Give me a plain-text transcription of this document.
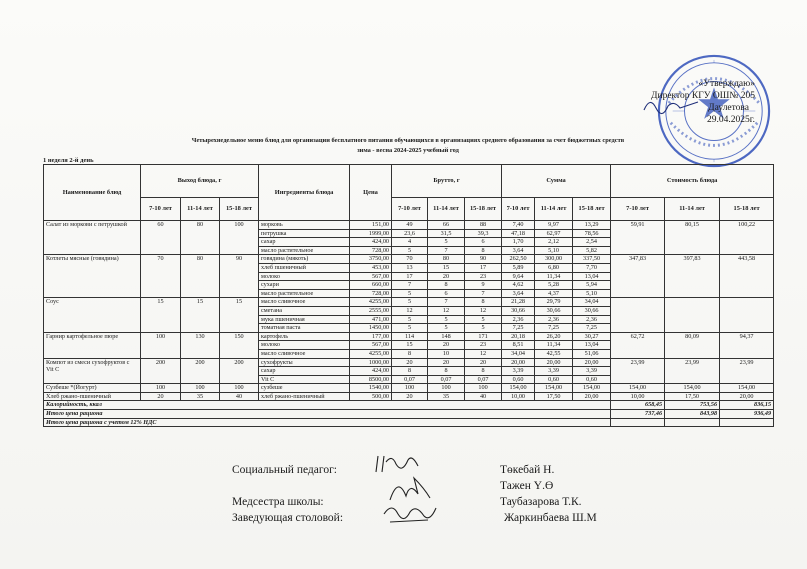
«Утверждаю»
Директор КГУ ОШ№ 205
Даулетова
29.04.2025г.
Четырехнедельное меню блюд для организации бесплатного питания обучающихся в организациях среднего образования за счет бюджетных средств
зима - весна 2024-2025 учебный год
1 неделя 2-й день
Наименование блюд	Выход блюда, г			Ингредиенты блюда	Цена	Брутто, г			Сумма			Стоимость блюда		
	7-10 лет	11-14 лет	15-18 лет			7-10 лет	11-14 лет	15-18 лет	7-10 лет	11-14 лет	15-18 лет	7-10 лет	11-14 лет	15-18 лет
Салат из моркови с петрушкой	60	80	100	морковь	151,00	49	66	88	7,40	9,97	13,29	59,91	80,15	100,22
				петрушка	1999,00	23,6	31,5	39,3	47,18	62,97	78,56			
				сахар	424,00	4	5	6	1,70	2,12	2,54			
				масло растительное	728,00	5	7	8	3,64	5,10	5,82			
Котлеты мясные (говядина)	70	80	90	говядина (мякоть)	3750,00	70	80	90	262,50	300,00	337,50	347,83	397,83	443,58
				хлеб пшеничный	453,00	13	15	17	5,89	6,80	7,70			
				молоко	567,00	17	20	23	9,64	11,34	13,04			
				сухари	660,00	7	8	9	4,62	5,28	5,94			
				масло растительное	728,00	5	6	7	3,64	4,37	5,10			
Соус	15	15	15	масло сливочное	4255,00	5	7	8	21,28	29,79	34,04			
				сметана	2555,00	12	12	12	30,66	30,66	30,66			
				мука пшеничная	471,00	5	5	5	2,36	2,36	2,36			
				томатная паста	1450,00	5	5	5	7,25	7,25	7,25			
Гарнир картофельное пюре	100	130	150	картофель	177,00	114	148	171	20,18	26,20	30,27	62,72	80,09	94,37
				молоко	567,00	15	20	23	8,51	11,34	13,04			
				масло сливочное	4255,00	8	10	12	34,04	42,55	51,06			
Компот из смеси сухофруктов с Vit C	200	200	200	сухофрукты	1000,00	20	20	20	20,00	20,00	20,00	23,99	23,99	23,99
				сахар	424,00	8	8	8	3,39	3,39	3,39			
				Vit C	8500,00	0,07	0,07	0,07	0,60	0,60	0,60			
Сузбеше *(Йогурт)	100	100	100	сузбеше	1540,00	100	100	100	154,00	154,00	154,00	154,00	154,00	154,00
Хлеб ржано-пшеничный	20	35	40	хлеб ржано-пшеничный	500,00	20	35	40	10,00	17,50	20,00	10,00	17,50	20,00
Калорийность, ккал												658,45	753,56	836,15
Итого цена рациона												737,46	843,98	936,49
Итого цена рациона с учетом 12% НДС														
Социальный педагог:	Төкебай Н.
Тажен Ү.Ө
Медсестра школы:	Таубазарова Т.К.
Заведующая столовой:	Жаркинбаева Ш.М
